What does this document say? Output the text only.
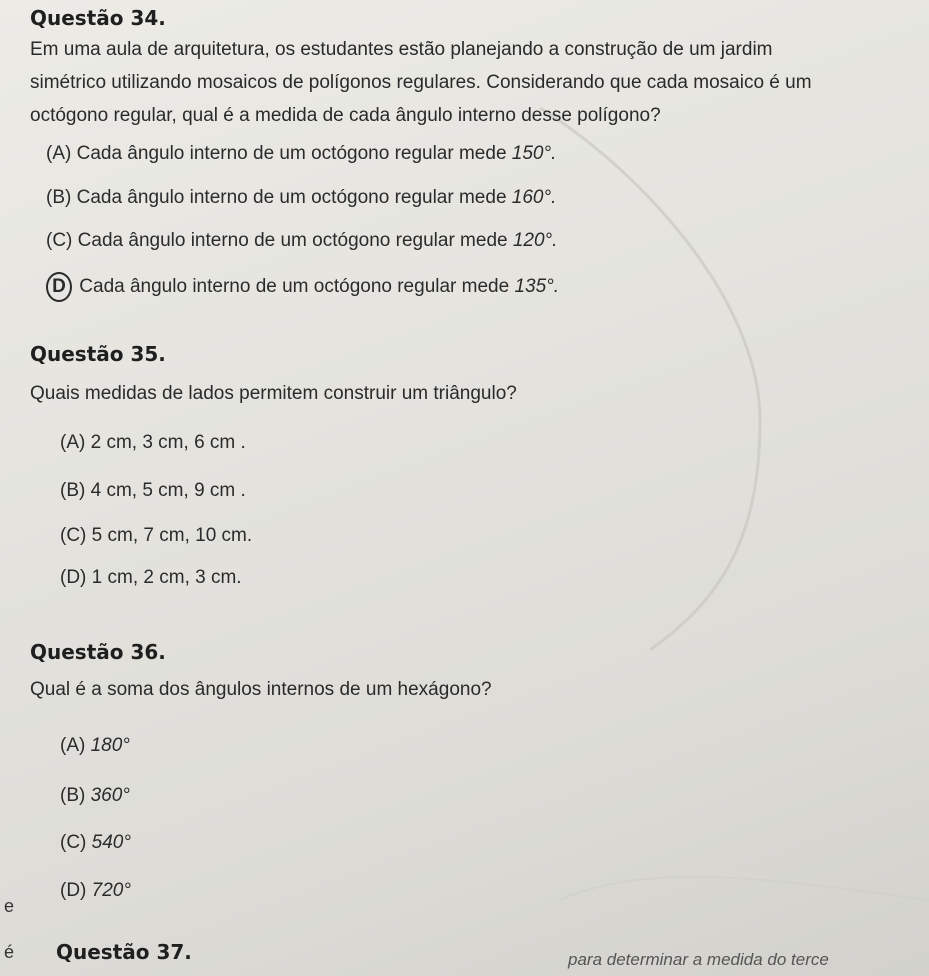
Questão 34.
Em uma aula de arquitetura, os estudantes estão planejando a construção de um jardim
simétrico utilizando mosaicos de polígonos regulares. Considerando que cada mosaico é um
octógono regular, qual é a medida de cada ângulo interno desse polígono?
(A) Cada ângulo interno de um octógono regular mede 150°.
(B) Cada ângulo interno de um octógono regular mede 160°.
(C) Cada ângulo interno de um octógono regular mede 120°.
D Cada ângulo interno de um octógono regular mede 135°.
Questão 35.
Quais medidas de lados permitem construir um triângulo?
(A) 2 cm, 3 cm, 6 cm .
(B) 4 cm, 5 cm, 9 cm .
(C) 5 cm, 7 cm, 10 cm.
(D) 1 cm, 2 cm, 3 cm.
Questão 36.
Qual é a soma dos ângulos internos de um hexágono?
(A) 180°
(B) 360°
(C) 540°
(D) 720°
Questão 37.	para determinar a medida do terce
e
é
